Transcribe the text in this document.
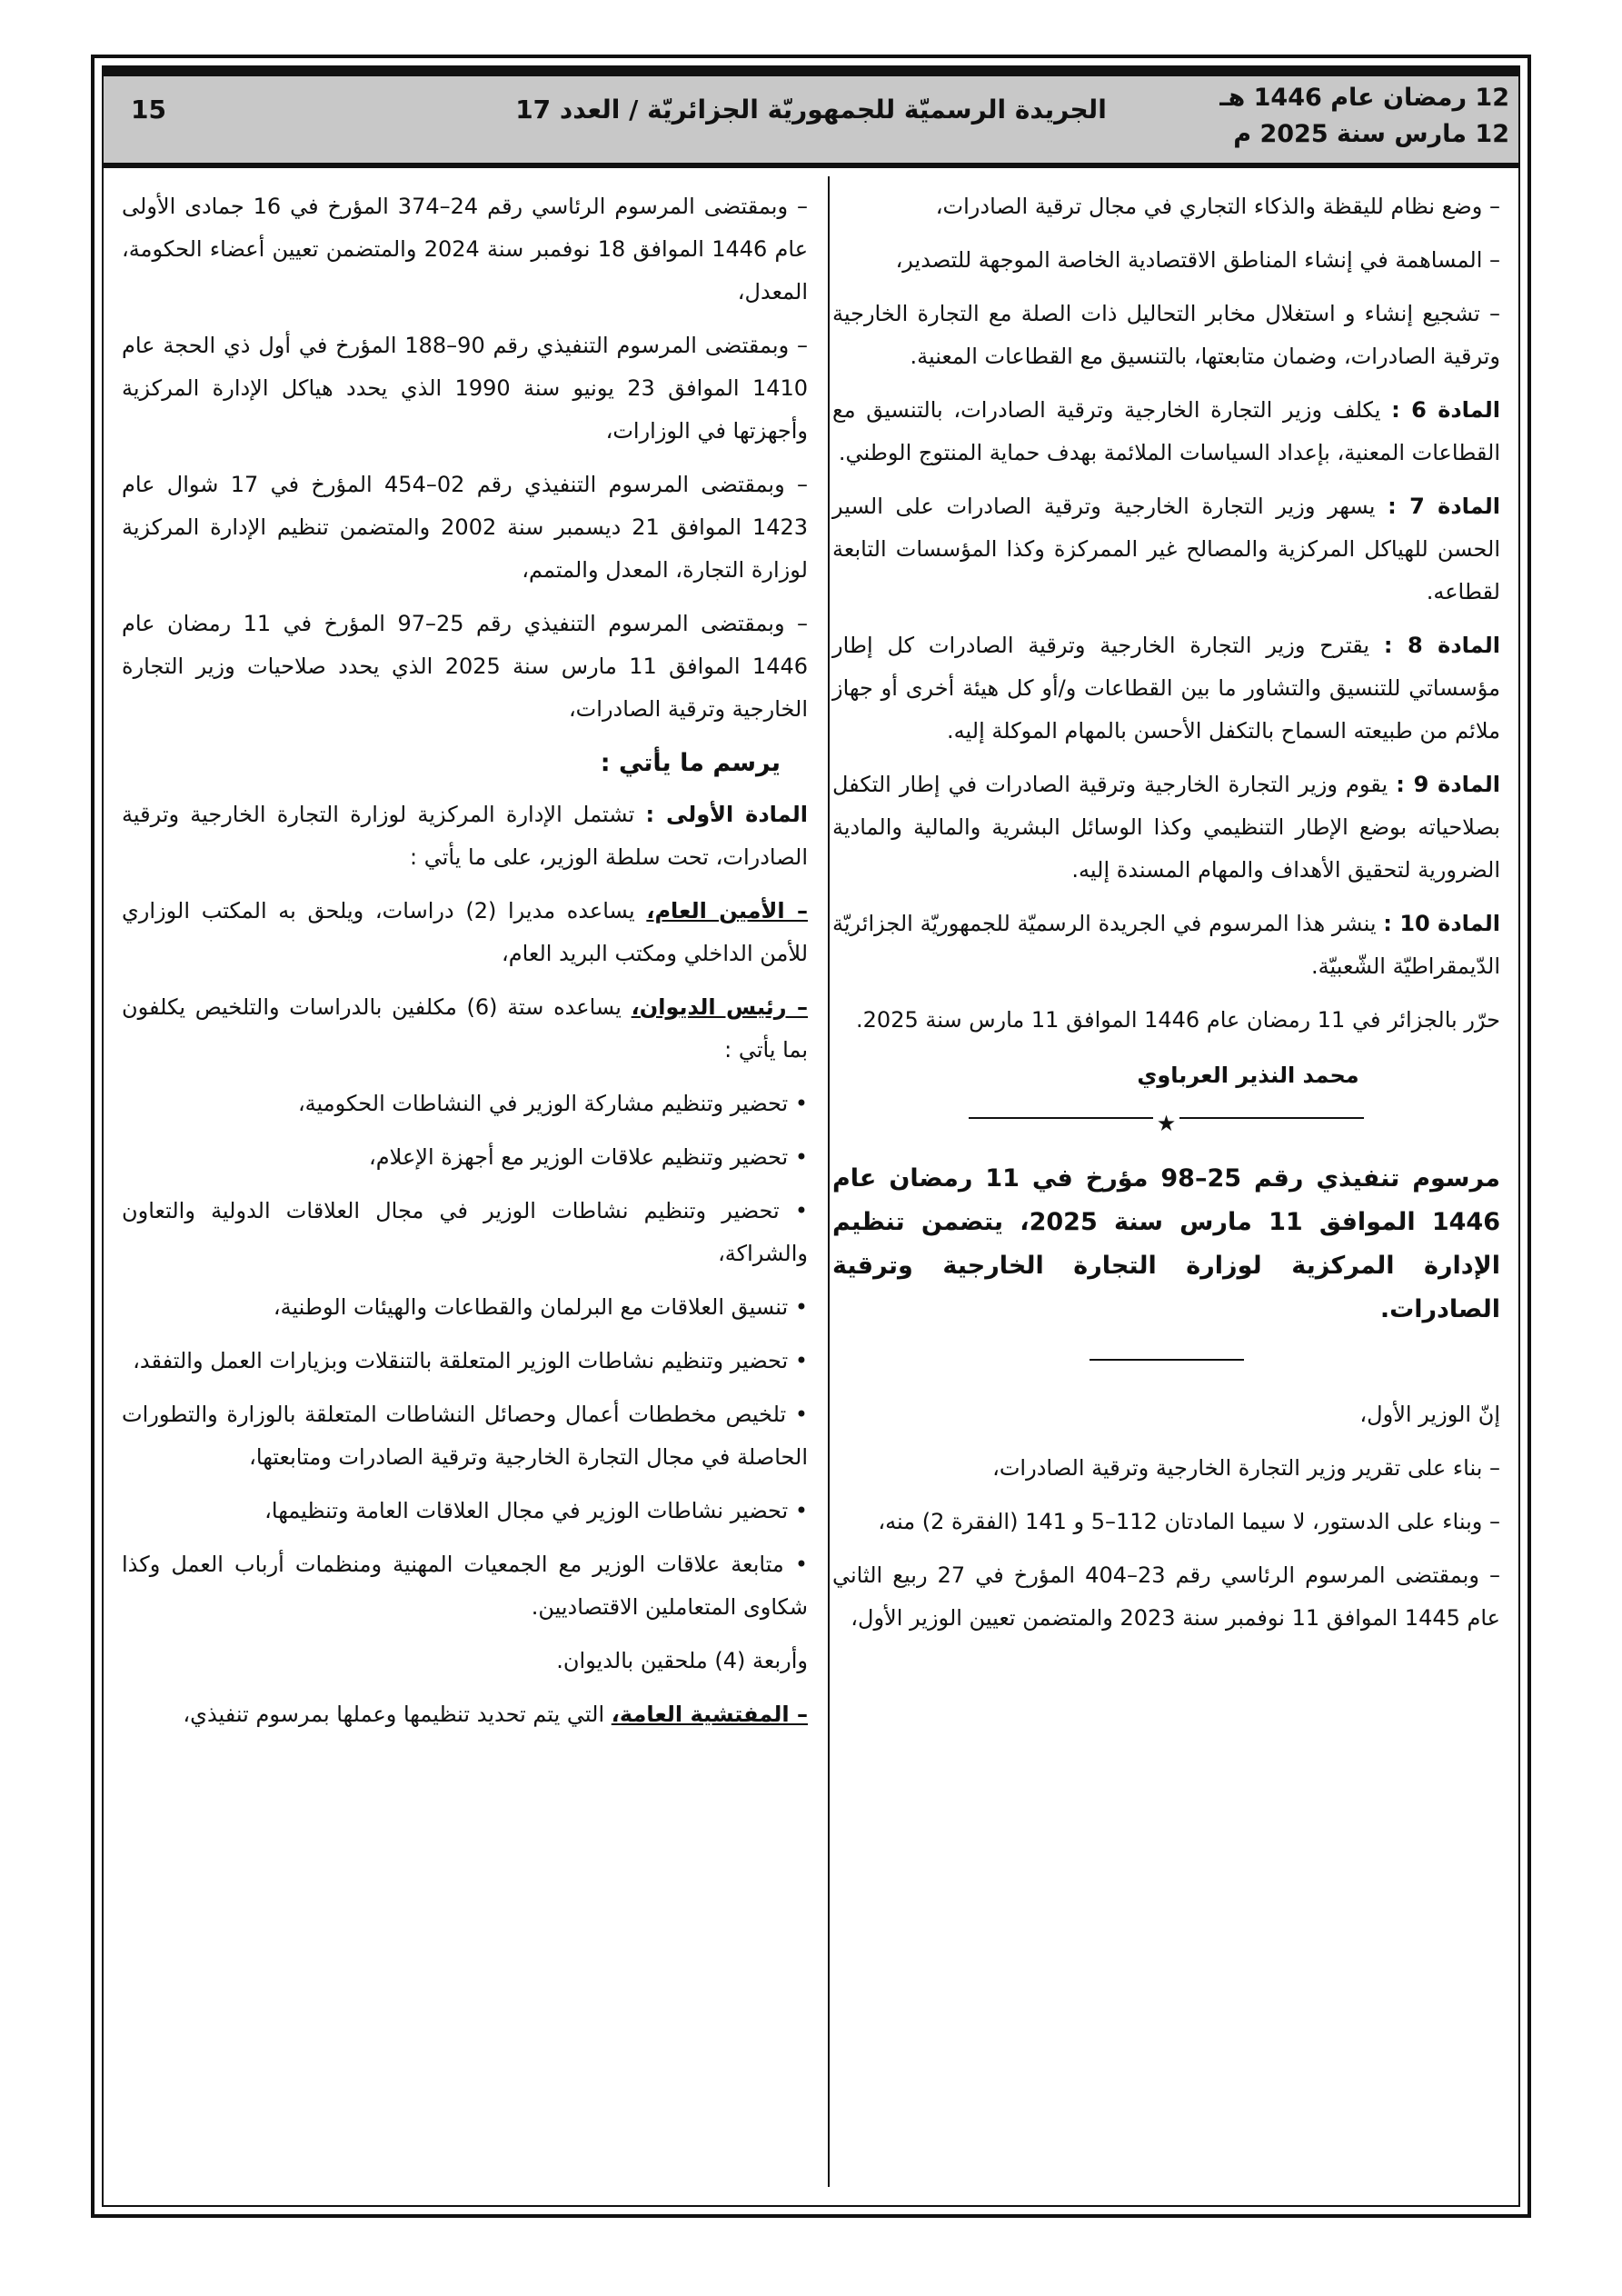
12 رمضان عام 1446 هـ
12 مارس سنة 2025 م
الجريدة الرسميّة للجمهوريّة الجزائريّة / العدد 17
15

– وضع نظام لليقظة والذكاء التجاري في مجال ترقية الصادرات،

– المساهمة في إنشاء المناطق الاقتصادية الخاصة الموجهة للتصدير،

– تشجيع إنشاء و استغلال مخابر التحاليل ذات الصلة مع التجارة الخارجية وترقية الصادرات، وضمان متابعتها، بالتنسيق مع القطاعات المعنية.

المادة 6 : يكلف وزير التجارة الخارجية وترقية الصادرات، بالتنسيق مع القطاعات المعنية، بإعداد السياسات الملائمة بهدف حماية المنتوج الوطني.

المادة 7 : يسهر وزير التجارة الخارجية وترقية الصادرات على السير الحسن للهياكل المركزية والمصالح غير الممركزة وكذا المؤسسات التابعة لقطاعه.

المادة 8 : يقترح وزير التجارة الخارجية وترقية الصادرات كل إطار مؤسساتي للتنسيق والتشاور ما بين القطاعات و/أو كل هيئة أخرى أو جهاز ملائم من طبيعته السماح بالتكفل الأحسن بالمهام الموكلة إليه.

المادة 9 : يقوم وزير التجارة الخارجية وترقية الصادرات في إطار التكفل بصلاحياته بوضع الإطار التنظيمي وكذا الوسائل البشرية والمالية والمادية الضرورية لتحقيق الأهداف والمهام المسندة إليه.

المادة 10 : ينشر هذا المرسوم في الجريدة الرسميّة للجمهوريّة الجزائريّة الدّيمقراطيّة الشّعبيّة.

حرّر بالجزائر في 11 رمضان عام 1446 الموافق 11 مارس سنة 2025.

محمد النذير العرباوي
★
مرسوم تنفيذي رقم 25–98 مؤرخ في 11 رمضان عام 1446 الموافق 11 مارس سنة 2025، يتضمن تنظيم الإدارة المركزية لوزارة التجارة الخارجية وترقية الصادرات.

إنّ الوزير الأول،

– بناء على تقرير وزير التجارة الخارجية وترقية الصادرات،

– وبناء على الدستور، لا سيما المادتان 112–5 و 141 (الفقرة 2) منه،

– وبمقتضى المرسوم الرئاسي رقم 23–404 المؤرخ في 27 ربيع الثاني عام 1445 الموافق 11 نوفمبر سنة 2023 والمتضمن تعيين الوزير الأول،

– وبمقتضى المرسوم الرئاسي رقم 24–374 المؤرخ في 16 جمادى الأولى عام 1446 الموافق 18 نوفمبر سنة 2024 والمتضمن تعيين أعضاء الحكومة، المعدل،

– وبمقتضى المرسوم التنفيذي رقم 90–188 المؤرخ في أول ذي الحجة عام 1410 الموافق 23 يونيو سنة 1990 الذي يحدد هياكل الإدارة المركزية وأجهزتها في الوزارات،

– وبمقتضى المرسوم التنفيذي رقم 02–454 المؤرخ في 17 شوال عام 1423 الموافق 21 ديسمبر سنة 2002 والمتضمن تنظيم الإدارة المركزية لوزارة التجارة، المعدل والمتمم،

– وبمقتضى المرسوم التنفيذي رقم 25–97 المؤرخ في 11 رمضان عام 1446 الموافق 11 مارس سنة 2025 الذي يحدد صلاحيات وزير التجارة الخارجية وترقية الصادرات،

يرسم ما يأتي :

المادة الأولى : تشتمل الإدارة المركزية لوزارة التجارة الخارجية وترقية الصادرات، تحت سلطة الوزير، على ما يأتي :

– الأمين العام، يساعده مديرا (2) دراسات، ويلحق به المكتب الوزاري للأمن الداخلي ومكتب البريد العام،

– رئيس الديوان، يساعده ستة (6) مكلفين بالدراسات والتلخيص يكلفون بما يأتي :

• تحضير وتنظيم مشاركة الوزير في النشاطات الحكومية،

• تحضير وتنظيم علاقات الوزير مع أجهزة الإعلام،

• تحضير وتنظيم نشاطات الوزير في مجال العلاقات الدولية والتعاون والشراكة،

• تنسيق العلاقات مع البرلمان والقطاعات والهيئات الوطنية،

• تحضير وتنظيم نشاطات الوزير المتعلقة بالتنقلات وبزيارات العمل والتفقد،

• تلخيص مخططات أعمال وحصائل النشاطات المتعلقة بالوزارة والتطورات الحاصلة في مجال التجارة الخارجية وترقية الصادرات ومتابعتها،

• تحضير نشاطات الوزير في مجال العلاقات العامة وتنظيمها،

• متابعة علاقات الوزير مع الجمعيات المهنية ومنظمات أرباب العمل وكذا شكاوى المتعاملين الاقتصاديين.

وأربعة (4) ملحقين بالديوان.

– المفتشية العامة، التي يتم تحديد تنظيمها وعملها بمرسوم تنفيذي،
